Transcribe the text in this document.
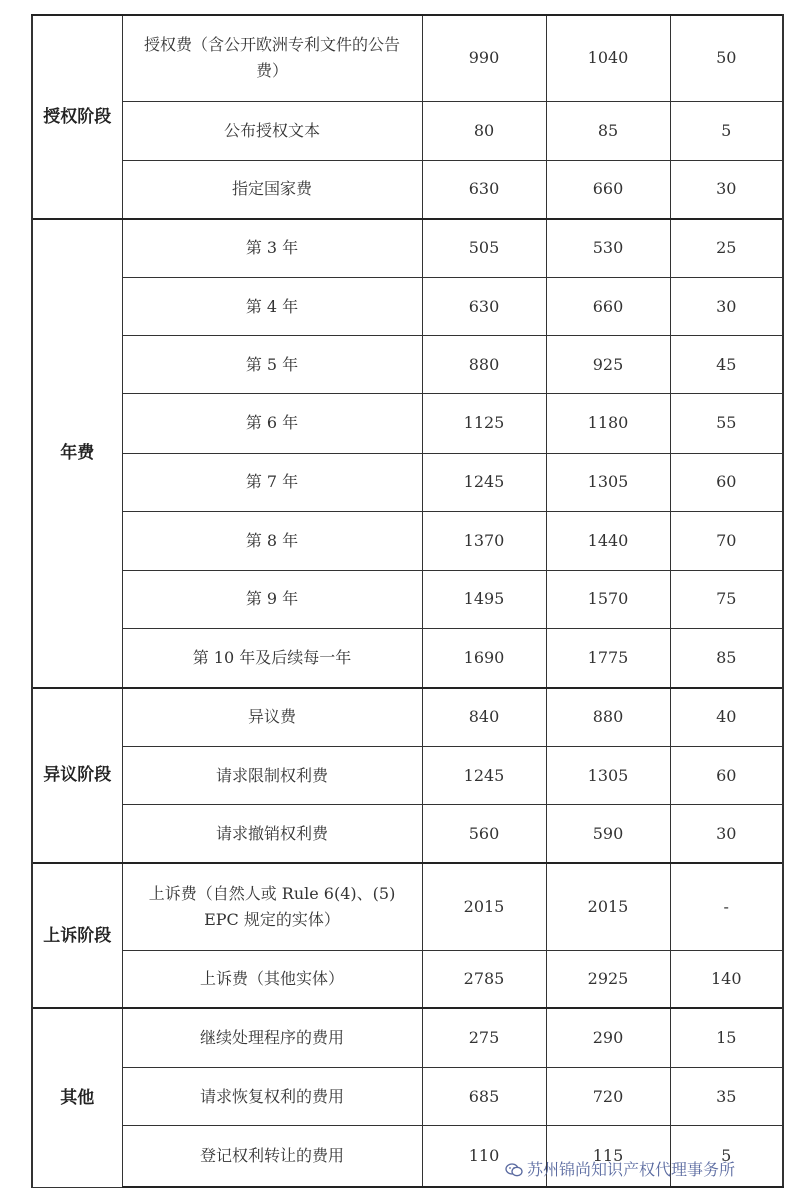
授权阶段	授权费（含公开欧洲专利文件的公告费）	990	1040	50
	公布授权文本	80	85	5
	指定国家费	630	660	30
年费	第 3 年	505	530	25
	第 4 年	630	660	30
	第 5 年	880	925	45
	第 6 年	1125	1180	55
	第 7 年	1245	1305	60
	第 8 年	1370	1440	70
	第 9 年	1495	1570	75
	第 10 年及后续每一年	1690	1775	85
异议阶段	异议费	840	880	40
	请求限制权利费	1245	1305	60
	请求撤销权利费	560	590	30
上诉阶段	上诉费（自然人或 Rule 6(4)、(5) EPC 规定的实体）	2015	2015	-
	上诉费（其他实体）	2785	2925	140
其他	继续处理程序的费用	275	290	15
	请求恢复权利的费用	685	720	35
	登记权利转让的费用	110	115	5
苏州锦尚知识产权代理事务所
